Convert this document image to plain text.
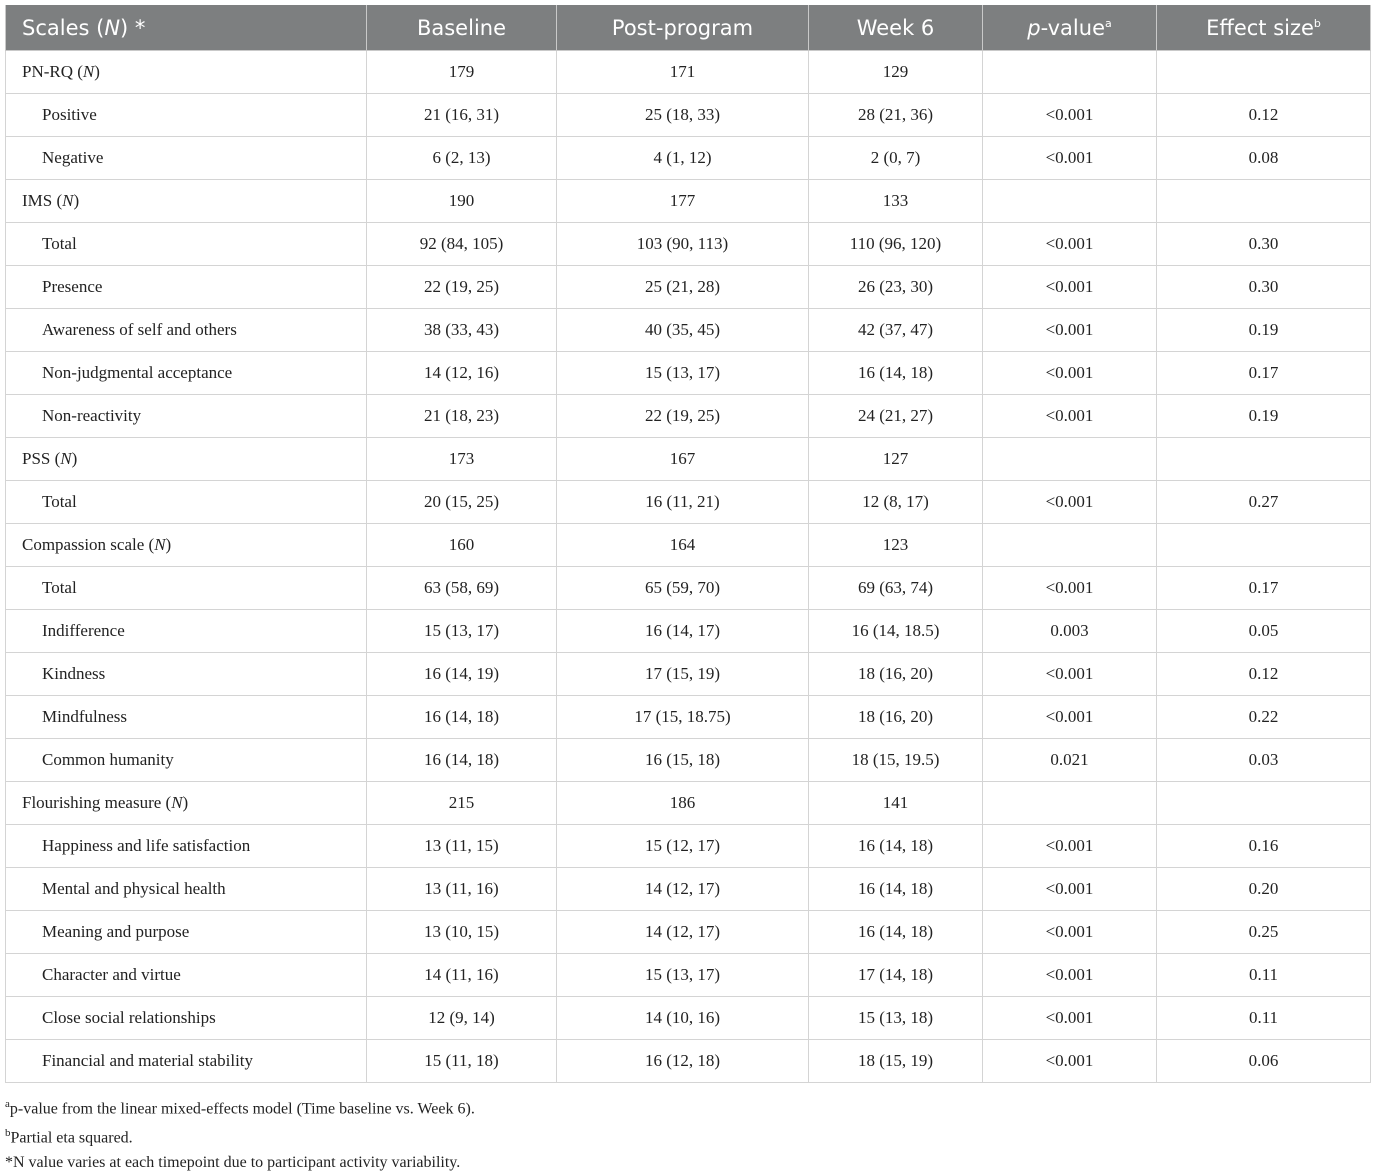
Scales (N) *	Baseline	Post-program	Week 6	p-value$^a$	Effect size$^b$
PN-RQ (N)	179	171	129		
Positive	21 (16, 31)	25 (18, 33)	28 (21, 36)	<0.001	0.12
Negative	6 (2, 13)	4 (1, 12)	2 (0, 7)	<0.001	0.08
IMS (N)	190	177	133		
Total	92 (84, 105)	103 (90, 113)	110 (96, 120)	<0.001	0.30
Presence	22 (19, 25)	25 (21, 28)	26 (23, 30)	<0.001	0.30
Awareness of self and others	38 (33, 43)	40 (35, 45)	42 (37, 47)	<0.001	0.19
Non-judgmental acceptance	14 (12, 16)	15 (13, 17)	16 (14, 18)	<0.001	0.17
Non-reactivity	21 (18, 23)	22 (19, 25)	24 (21, 27)	<0.001	0.19
PSS (N)	173	167	127		
Total	20 (15, 25)	16 (11, 21)	12 (8, 17)	<0.001	0.27
Compassion scale (N)	160	164	123		
Total	63 (58, 69)	65 (59, 70)	69 (63, 74)	<0.001	0.17
Indifference	15 (13, 17)	16 (14, 17)	16 (14, 18.5)	0.003	0.05
Kindness	16 (14, 19)	17 (15, 19)	18 (16, 20)	<0.001	0.12
Mindfulness	16 (14, 18)	17 (15, 18.75)	18 (16, 20)	<0.001	0.22
Common humanity	16 (14, 18)	16 (15, 18)	18 (15, 19.5)	0.021	0.03
Flourishing measure (N)	215	186	141		
Happiness and life satisfaction	13 (11, 15)	15 (12, 17)	16 (14, 18)	<0.001	0.16
Mental and physical health	13 (11, 16)	14 (12, 17)	16 (14, 18)	<0.001	0.20
Meaning and purpose	13 (10, 15)	14 (12, 17)	16 (14, 18)	<0.001	0.25
Character and virtue	14 (11, 16)	15 (13, 17)	17 (14, 18)	<0.001	0.11
Close social relationships	12 (9, 14)	14 (10, 16)	15 (13, 18)	<0.001	0.11
Financial and material stability	15 (11, 18)	16 (12, 18)	18 (15, 19)	<0.001	0.06
$^a$p-value from the linear mixed-effects model (Time baseline vs. Week 6).
$^b$Partial eta squared.
*N value varies at each timepoint due to participant activity variability.
